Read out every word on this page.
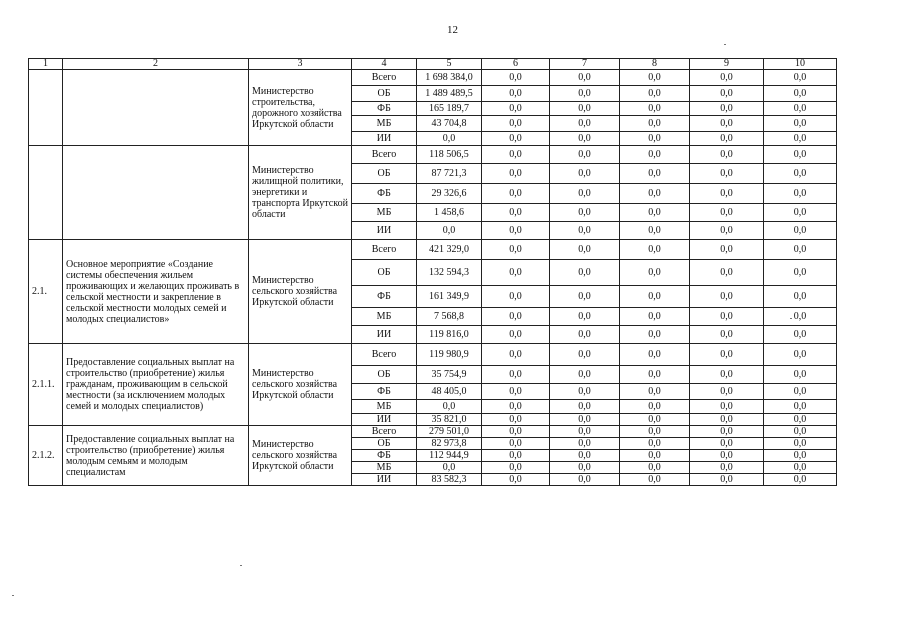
12
1	2	3	4	5	6	7	8	9	10
		Министерство строительства, дорожного хозяйства Иркутской области	Всего	1 698 384,0	0,0	0,0	0,0	0,0	0,0
			ОБ	1 489 489,5	0,0	0,0	0,0	0,0	0,0
			ФБ	165 189,7	0,0	0,0	0,0	0,0	0,0
			МБ	43 704,8	0,0	0,0	0,0	0,0	0,0
			ИИ	0,0	0,0	0,0	0,0	0,0	0,0
		Министерство жилищной политики, энергетики и транспорта Иркутской области	Всего	118 506,5	0,0	0,0	0,0	0,0	0,0
			ОБ	87 721,3	0,0	0,0	0,0	0,0	0,0
			ФБ	29 326,6	0,0	0,0	0,0	0,0	0,0
			МБ	1 458,6	0,0	0,0	0,0	0,0	0,0
			ИИ	0,0	0,0	0,0	0,0	0,0	0,0
2.1.	Основное мероприятие «Создание системы обеспечения жильем проживающих и желающих проживать в сельской местности и закрепление в сельской местности молодых семей и молодых специалистов»	Министерство сельского хозяйства Иркутской области	Всего	421 329,0	0,0	0,0	0,0	0,0	0,0
			ОБ	132 594,3	0,0	0,0	0,0	0,0	0,0
			ФБ	161 349,9	0,0	0,0	0,0	0,0	0,0
			МБ	7 568,8	0,0	0,0	0,0	0,0	0,0
			ИИ	119 816,0	0,0	0,0	0,0	0,0	0,0
2.1.1.	Предоставление социальных выплат на строительство (приобретение) жилья гражданам, проживающим в сельской местности (за исключением молодых семей и молодых специалистов)	Министерство сельского хозяйства Иркутской области	Всего	119 980,9	0,0	0,0	0,0	0,0	0,0
			ОБ	35 754,9	0,0	0,0	0,0	0,0	0,0
			ФБ	48 405,0	0,0	0,0	0,0	0,0	0,0
			МБ	0,0	0,0	0,0	0,0	0,0	0,0
			ИИ	35 821,0	0,0	0,0	0,0	0,0	0,0
2.1.2.	Предоставление социальных выплат на строительство (приобретение) жилья молодым семьям и молодым специалистам	Министерство сельского хозяйства Иркутской области	Всего	279 501,0	0,0	0,0	0,0	0,0	0,0
			ОБ	82 973,8	0,0	0,0	0,0	0,0	0,0
			ФБ	112 944,9	0,0	0,0	0,0	0,0	0,0
			МБ	0,0	0,0	0,0	0,0	0,0	0,0
			ИИ	83 582,3	0,0	0,0	0,0	0,0	0,0
